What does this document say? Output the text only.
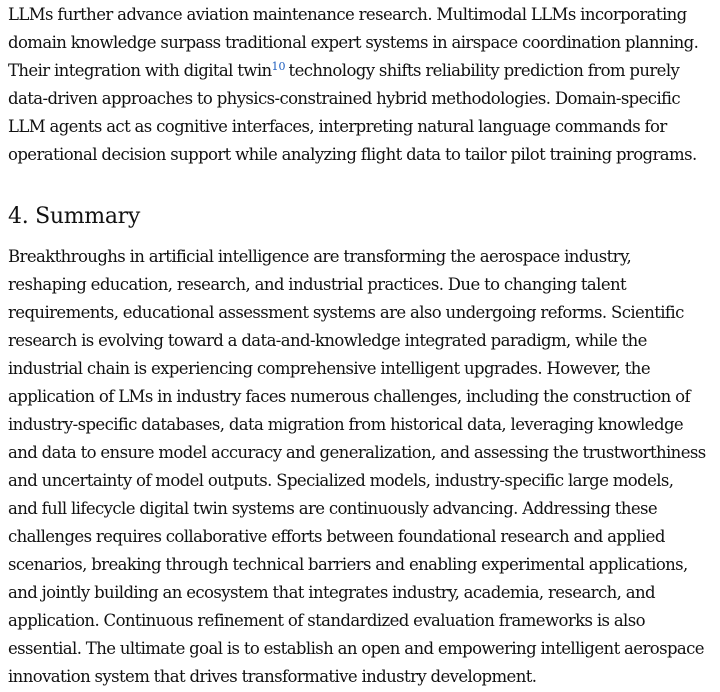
LLMs further advance aviation maintenance research. Multimodal LLMs incorporating
domain knowledge surpass traditional expert systems in airspace coordination planning.
Their integration with digital twin$^{10}$ technology shifts reliability prediction from purely
data-driven approaches to physics-constrained hybrid methodologies. Domain-specific
LLM agents act as cognitive interfaces, interpreting natural language commands for
operational decision support while analyzing flight data to tailor pilot training programs.
4. Summary
Breakthroughs in artificial intelligence are transforming the aerospace industry,
reshaping education, research, and industrial practices. Due to changing talent
requirements, educational assessment systems are also undergoing reforms. Scientific
research is evolving toward a data-and-knowledge integrated paradigm, while the
industrial chain is experiencing comprehensive intelligent upgrades. However, the
application of LMs in industry faces numerous challenges, including the construction of
industry-specific databases, data migration from historical data, leveraging knowledge
and data to ensure model accuracy and generalization, and assessing the trustworthiness
and uncertainty of model outputs. Specialized models, industry-specific large models,
and full lifecycle digital twin systems are continuously advancing. Addressing these
challenges requires collaborative efforts between foundational research and applied
scenarios, breaking through technical barriers and enabling experimental applications,
and jointly building an ecosystem that integrates industry, academia, research, and
application. Continuous refinement of standardized evaluation frameworks is also
essential. The ultimate goal is to establish an open and empowering intelligent aerospace
innovation system that drives transformative industry development.
